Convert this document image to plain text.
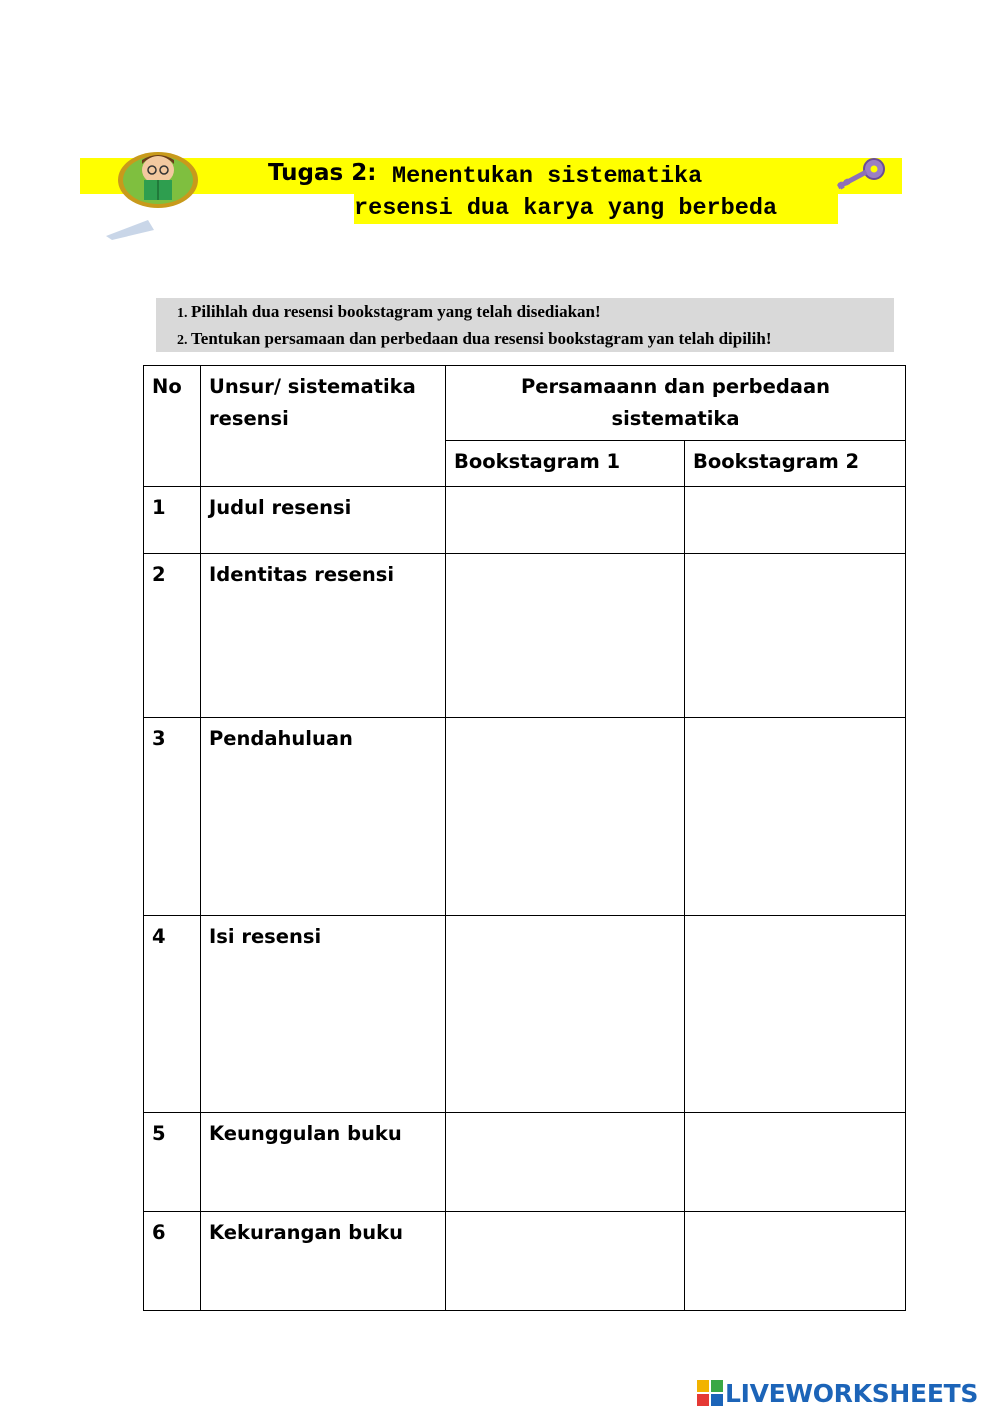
Tugas 2: Menentukan sistematika
resensi dua karya yang berbeda
1. Pilihlah dua resensi bookstagram yang telah disediakan!
2. Tentukan persamaan dan perbedaan dua resensi bookstagram yan telah dipilih!
No	Unsur/ sistematika resensi	Persamaann dan perbedaan sistematika	
		Bookstagram 1	Bookstagram 2
1	Judul resensi		
2	Identitas resensi		
3	Pendahuluan		
4	Isi resensi		
5	Keunggulan buku		
6	Kekurangan buku		
LIVEWORKSHEETS
